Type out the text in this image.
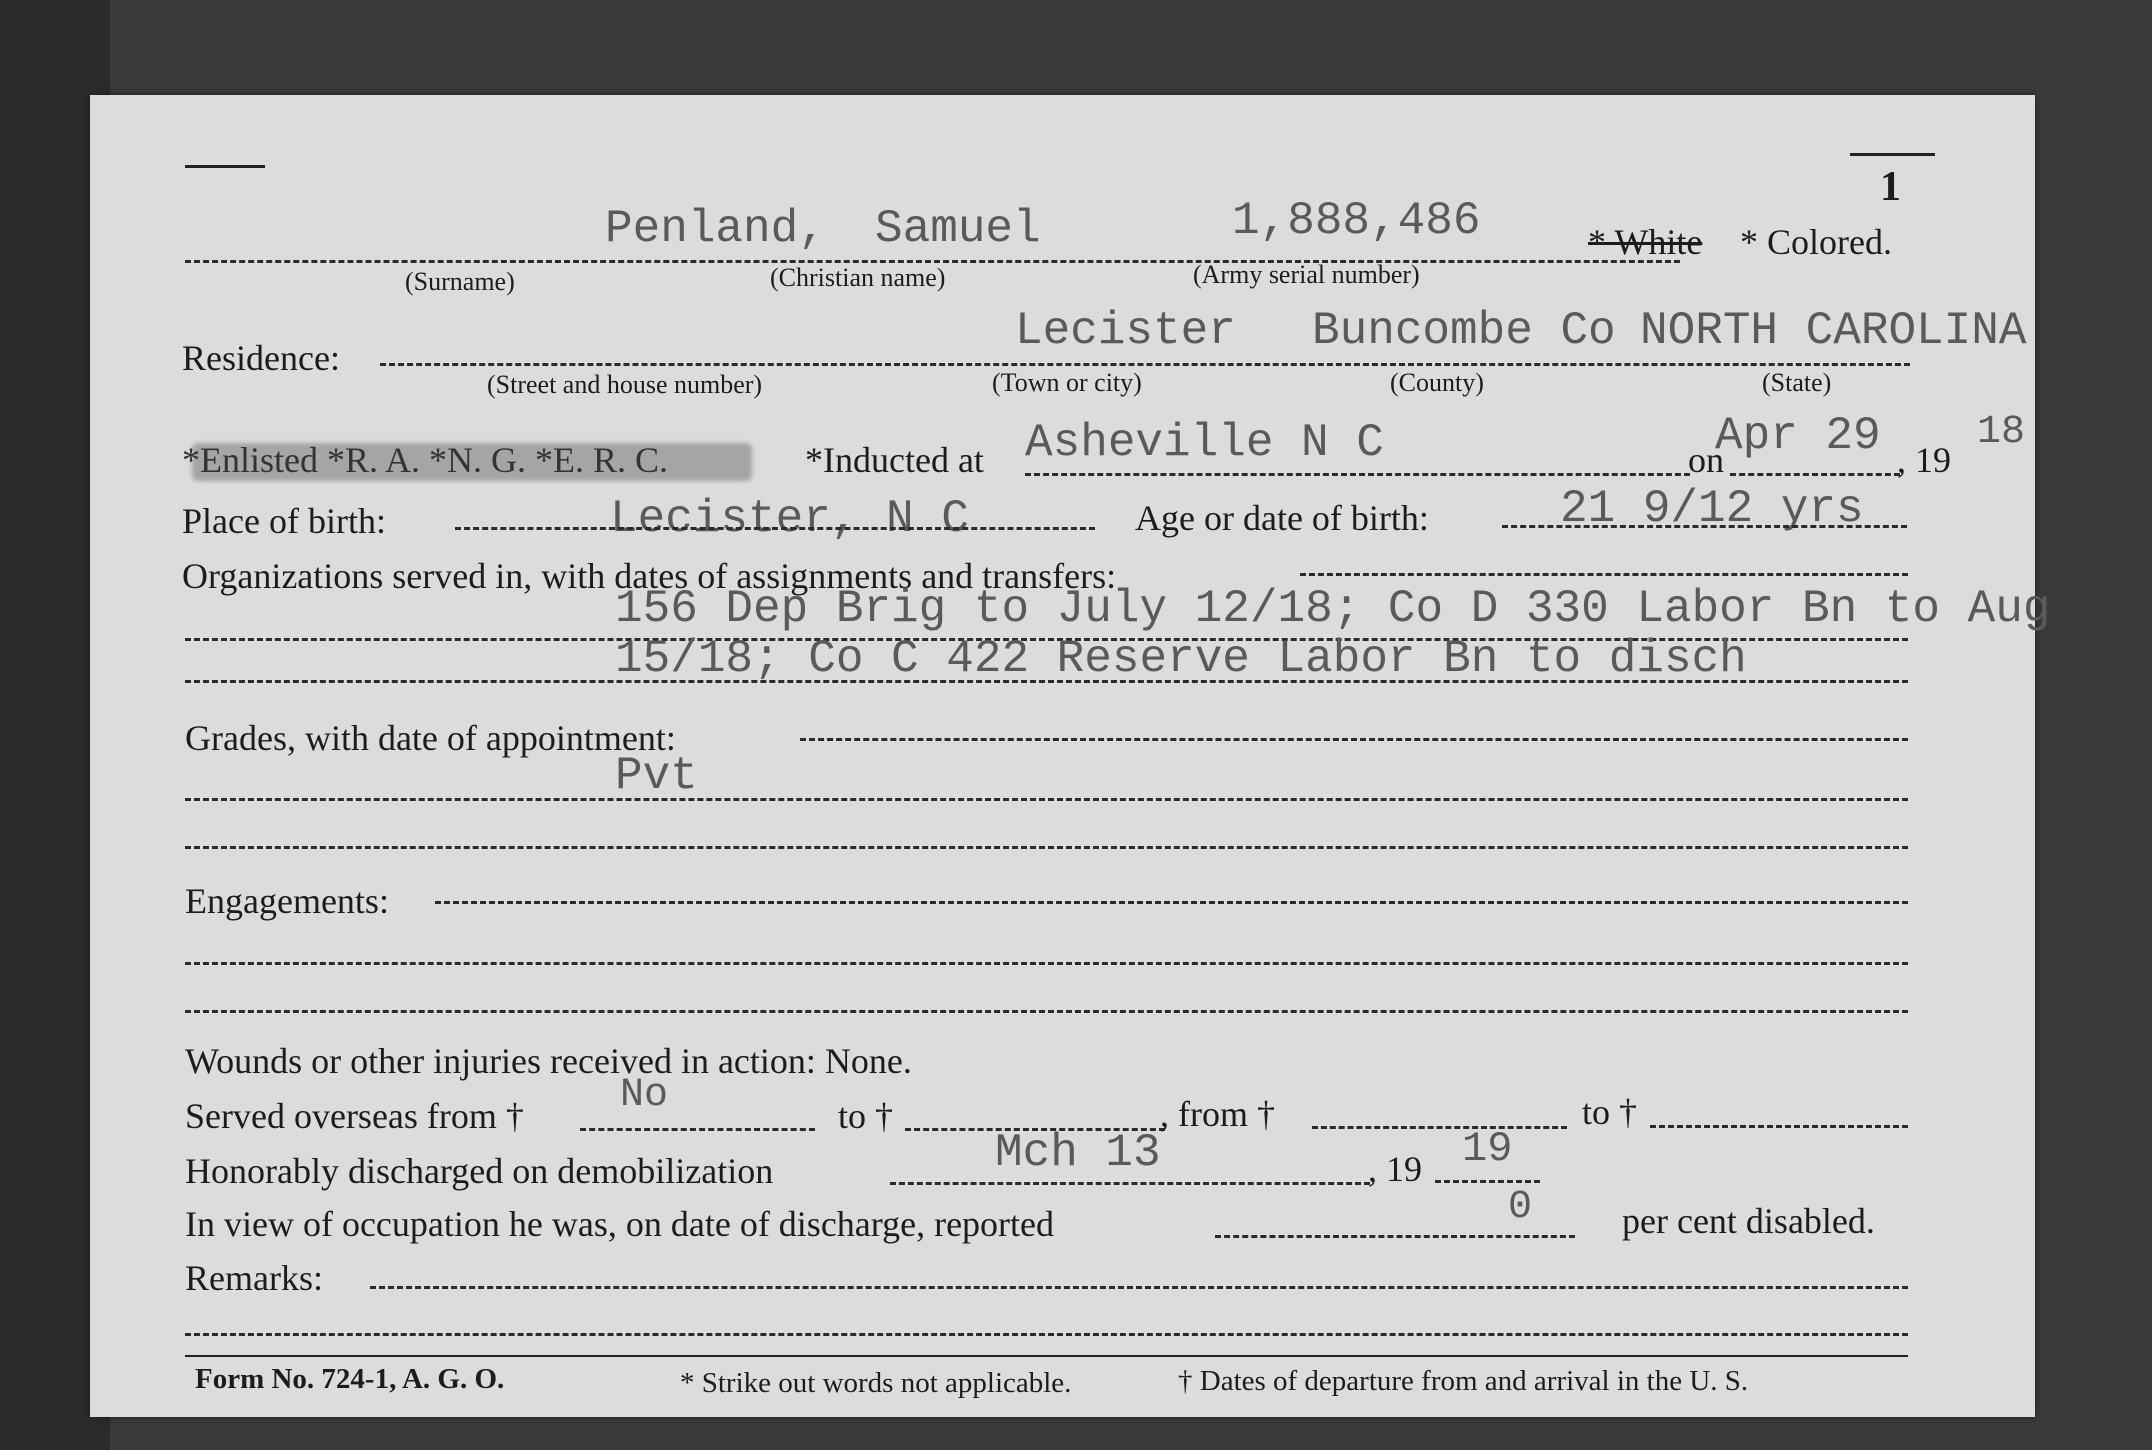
1
Penland, Samuel	1,888,486	* White * Colored.
(Surname)	(Christian name)	(Army serial number)
Lecister Buncombe Co NORTH CAROLINA
Residence:
(Street and house number)	(Town or city)	(County)	(State)
*Enlisted *R. A. *N. G. *E. R. C.	*Inducted at Asheville N C	on
Apr 29 , 19
18
Place of birth:	Lecister, N C	Age or date of birth:	21 9/12 yrs
Organizations served in, with dates of assignments and transfers:
156 Dep Brig to July 12/18; Co D 330 Labor Bn to Aug
15/18; Co C 422 Reserve Labor Bn to disch
Grades, with date of appointment:
Pvt
Engagements:
Wounds or other injuries received in action: None.
Served overseas from † No	to †	, from †	to †
Honorably discharged on demobilization	Mch 13	, 19 19
In view of occupation he was, on date of discharge, reported	0 per cent disabled.
Remarks:
Form No. 724-1, A. G. O.	* Strike out words not applicable.	† Dates of departure from and arrival in the U. S.
